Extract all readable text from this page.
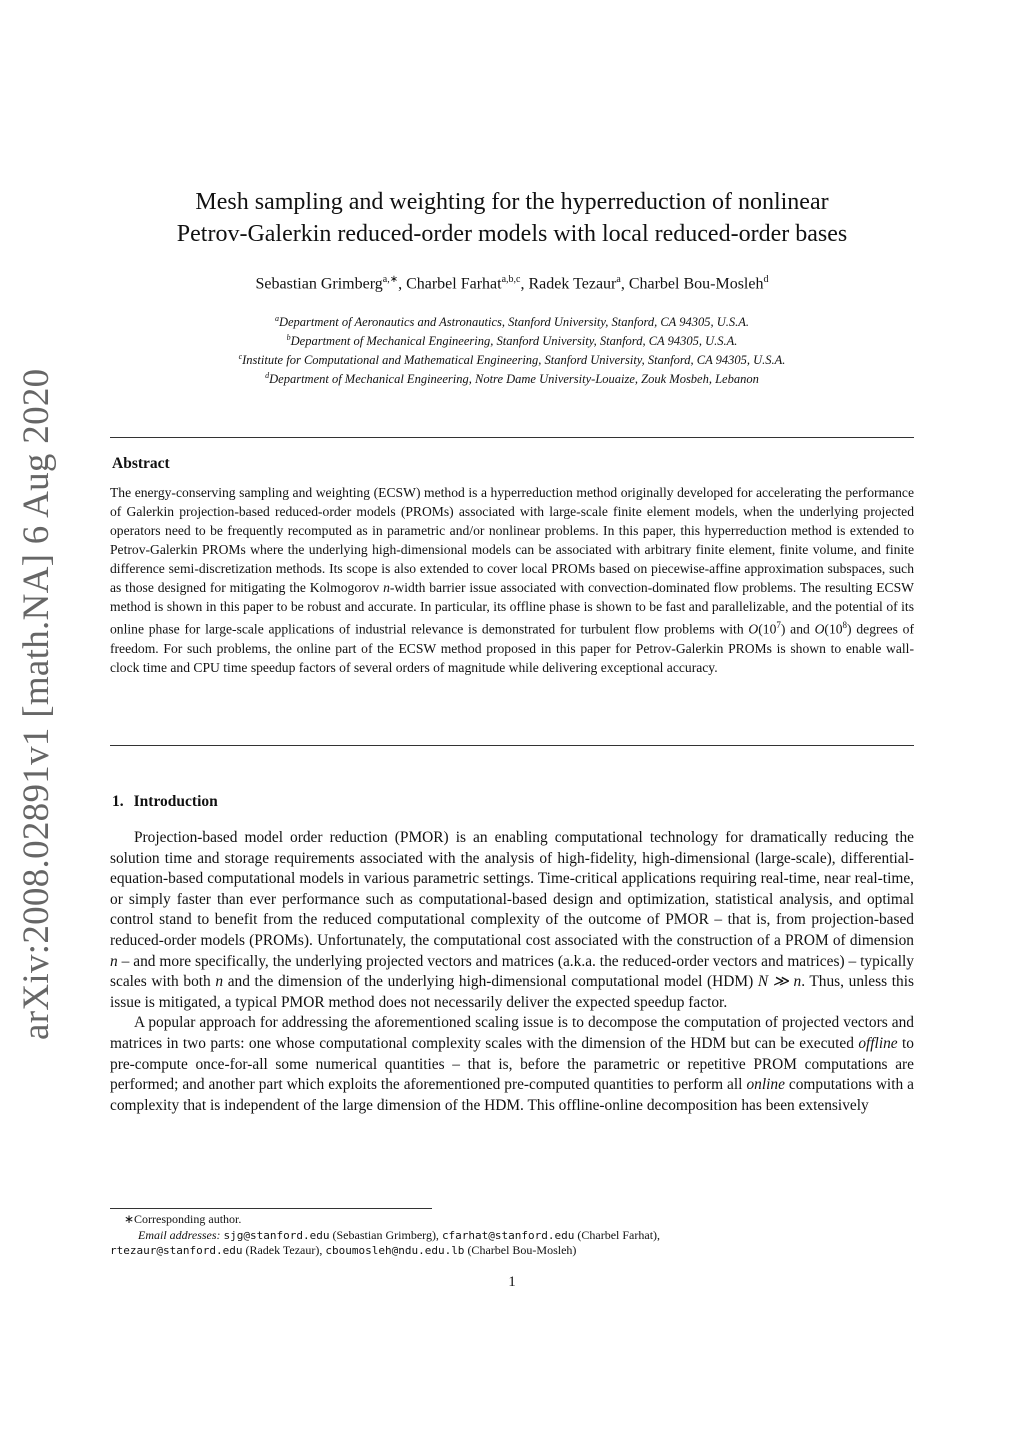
arXiv:2008.02891v1 [math.NA] 6 Aug 2020
Mesh sampling and weighting for the hyperreduction of nonlinear
Petrov-Galerkin reduced-order models with local reduced-order bases
Sebastian Grimberg$^{a,∗}$, Charbel Farhat$^{a,b,c}$, Radek Tezaur$^a$, Charbel Bou-Mosleh$^d$
$^a$Department of Aeronautics and Astronautics, Stanford University, Stanford, CA 94305, U.S.A.
$^b$Department of Mechanical Engineering, Stanford University, Stanford, CA 94305, U.S.A.
$^c$Institute for Computational and Mathematical Engineering, Stanford University, Stanford, CA 94305, U.S.A.
$^d$Department of Mechanical Engineering, Notre Dame University-Louaize, Zouk Mosbeh, Lebanon
Abstract
The energy-conserving sampling and weighting (ECSW) method is a hyperreduction method originally developed for accelerating the performance of Galerkin projection-based reduced-order models (PROMs) associated with large-scale finite element models, when the underlying projected operators need to be frequently recomputed as in parametric and/or nonlinear problems. In this paper, this hyperreduction method is extended to Petrov-Galerkin PROMs where the underlying high-dimensional models can be associated with arbitrary finite element, finite volume, and finite difference semi-discretization methods. Its scope is also extended to cover local PROMs based on piecewise-affine approximation subspaces, such as those designed for mitigating the Kolmogorov n-width barrier issue associated with convection-dominated flow problems. The resulting ECSW method is shown in this paper to be robust and accurate. In particular, its offline phase is shown to be fast and parallelizable, and the potential of its online phase for large-scale applications of industrial relevance is demonstrated for turbulent flow problems with $O(10^7)$ and $O(10^8)$ degrees of freedom. For such problems, the online part of the ECSW method proposed in this paper for Petrov-Galerkin PROMs is shown to enable wall-clock time and CPU time speedup factors of several orders of magnitude while delivering exceptional accuracy.
1. Introduction

Projection-based model order reduction (PMOR) is an enabling computational technology for dramatically reducing the solution time and storage requirements associated with the analysis of high-fidelity, high-dimensional (large-scale), differential-equation-based computational models in various parametric settings. Time-critical applications requiring real-time, near real-time, or simply faster than ever performance such as computational-based design and optimization, statistical analysis, and optimal control stand to benefit from the reduced computational complexity of the outcome of PMOR – that is, from projection-based reduced-order models (PROMs). Unfortunately, the computational cost associated with the construction of a PROM of dimension n – and more specifically, the underlying projected vectors and matrices (a.k.a. the reduced-order vectors and matrices) – typically scales with both n and the dimension of the underlying high-dimensional computational model (HDM) N ≫ n. Thus, unless this issue is mitigated, a typical PMOR method does not necessarily deliver the expected speedup factor.

A popular approach for addressing the aforementioned scaling issue is to decompose the computation of projected vectors and matrices in two parts: one whose computational complexity scales with the dimension of the HDM but can be executed offline to pre-compute once-for-all some numerical quantities – that is, before the parametric or repetitive PROM computations are performed; and another part which exploits the aforementioned pre-computed quantities to perform all online computations with a complexity that is independent of the large dimension of the HDM. This offline-online decomposition has been extensively

∗Corresponding author.
Email addresses: sjg@stanford.edu (Sebastian Grimberg), cfarhat@stanford.edu (Charbel Farhat),
rtezaur@stanford.edu (Radek Tezaur), cboumosleh@ndu.edu.lb (Charbel Bou-Mosleh)
1
